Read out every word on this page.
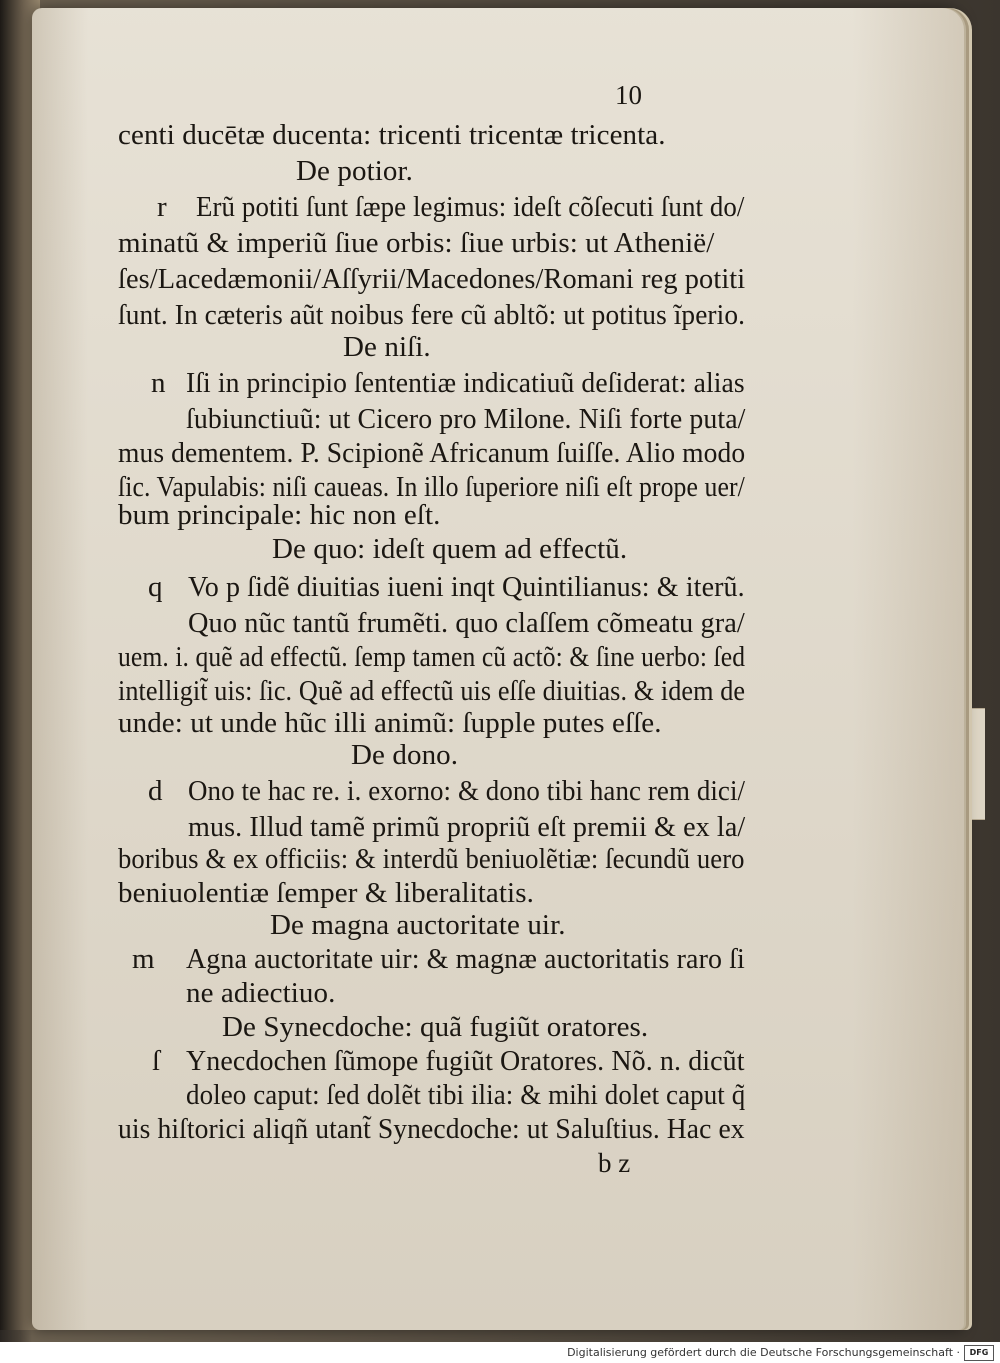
10
centi ducētæ ducenta: tricenti tricentæ tricenta.
De potior.
r Erũ potiti ſunt ſæpe legimus: ideſt cõſecuti ſunt do/
minatũ & imperiũ ſiue orbis: ſiue urbis: ut Athenië/
ſes/Lacedæmonii/Aſſyrii/Macedones/Romani reg potiti
ſunt. In cæteris aũt noibus fere cũ abltõ: ut potitus ĩperio.
De niſi.
n Iſi in principio ſententiæ indicatiuũ deſiderat: alias
ſubiunctiuũ: ut Cicero pro Milone. Niſi forte puta/
mus dementem. P. Scipionẽ Africanum ſuiſſe. Alio modo
ſic. Vapulabis: niſi caueas. In illo ſuperiore niſi eſt prope uer/
bum principale: hic non eſt.
De quo: ideſt quem ad effectũ.
q Vo p ſidẽ diuitias iueni inqt Quintilianus: & iterũ.
Quo nũc tantũ frumẽti. quo claſſem cõmeatu gra/
uem. i. quẽ ad effectũ. ſemp tamen cũ actõ: & ſine uerbo: ſed
intelligit̃ uis: ſic. Quẽ ad effectũ uis eſſe diuitias. & idem de
unde: ut unde hũc illi animũ: ſupple putes eſſe.
De dono.
d Ono te hac re. i. exorno: & dono tibi hanc rem dici/
mus. Illud tamẽ primũ propriũ eſt premii & ex la/
boribus & ex officiis: & interdũ beniuolẽtiæ: ſecundũ uero
beniuolentiæ ſemper & liberalitatis.
De magna auctoritate uir.
m Agna auctoritate uir: & magnæ auctoritatis raro ſi
ne adiectiuo.
De Synecdoche: quã fugiũt oratores.
ſ Ynecdochen ſũmope fugiũt Oratores. Nõ. n. dicũt
doleo caput: ſed dolẽt tibi ilia: & mihi dolet caput q̃
uis hiſtorici aliqñ utant̃ Synecdoche: ut Saluſtius. Hac ex
b z
Digitalisierung gefördert durch die Deutsche Forschungsgemeinschaft ·	DFG
